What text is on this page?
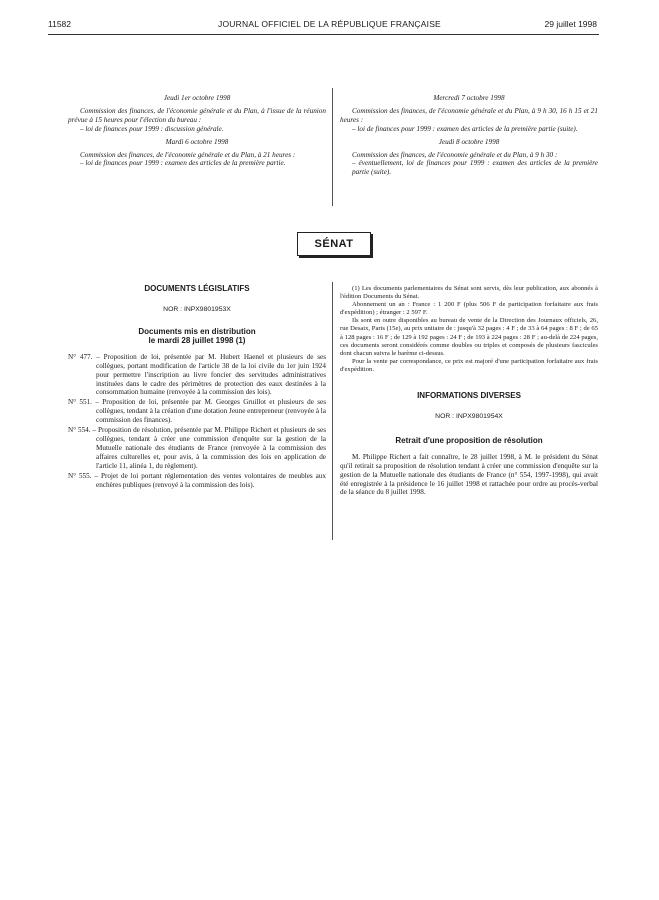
11582	JOURNAL OFFICIEL DE LA RÉPUBLIQUE FRANÇAISE	29 juillet 1998

Jeudi 1er octobre 1998

Commission des finances, de l'économie générale et du Plan, à l'issue de la réunion prévue à 15 heures pour l'élection du bureau :

– loi de finances pour 1999 : discussion générale.

Mardi 6 octobre 1998

Commission des finances, de l'économie générale et du Plan, à 21 heures :

– loi de finances pour 1999 : examen des articles de la première partie.

Mercredi 7 octobre 1998

Commission des finances, de l'économie générale et du Plan, à 9 h 30, 16 h 15 et 21 heures :

– loi de finances pour 1999 : examen des articles de la première partie (suite).

Jeudi 8 octobre 1998

Commission des finances, de l'économie générale et du Plan, à 9 h 30 :

– éventuellement, loi de finances pour 1999 : examen des articles de la première partie (suite).

SÉNAT

DOCUMENTS LÉGISLATIFS

NOR : INPX9801953X

Documents mis en distribution

le mardi 28 juillet 1998 (1)

N° 477. – Proposition de loi, présentée par M. Hubert Haenel et plusieurs de ses collègues, portant modification de l'article 38 de la loi civile du 1er juin 1924 pour permettre l'inscription au livre foncier des servitudes administratives instituées dans le cadre des périmètres de protection des eaux destinées à la consommation humaine (renvoyée à la commission des lois).

N° 551. – Proposition de loi, présentée par M. Georges Gruillot et plusieurs de ses collègues, tendant à la création d'une dotation Jeune entrepreneur (renvoyée à la commission des finances).

N° 554. – Proposition de résolution, présentée par M. Philippe Richert et plusieurs de ses collègues, tendant à créer une commission d'enquête sur la gestion de la Mutuelle nationale des étudiants de France (renvoyée à la commission des affaires culturelles et, pour avis, à la commission des lois en application de l'article 11, alinéa 1, du règlement).

N° 555. – Projet de loi portant réglementation des ventes volontaires de meubles aux enchères publiques (renvoyé à la commission des lois).

(1) Les documents parlementaires du Sénat sont servis, dès leur publication, aux abonnés à l'édition Documents du Sénat.

Abonnement un an : France : 1 200 F (plus 506 F de participation forfaitaire aux frais d'expédition) ; étranger : 2 597 F.

Ils sont en outre disponibles au bureau de vente de la Direction des Journaux officiels, 26, rue Desaix, Paris (15e), au prix unitaire de : jusqu'à 32 pages : 4 F ; de 33 à 64 pages : 8 F ; de 65 à 128 pages : 16 F ; de 129 à 192 pages : 24 F ; de 193 à 224 pages : 28 F ; au-delà de 224 pages, ces documents seront considérés comme doubles ou triples et composés de plusieurs fascicules dont chacun suivra le barème ci-dessus.

Pour la vente par correspondance, ce prix est majoré d'une participation forfaitaire aux frais d'expédition.

INFORMATIONS DIVERSES

NOR : INPX9801954X

Retrait d'une proposition de résolution

M. Philippe Richert a fait connaître, le 28 juillet 1998, à M. le président du Sénat qu'il retirait sa proposition de résolution tendant à créer une commission d'enquête sur la gestion de la Mutuelle nationale des étudiants de France (n° 554, 1997-1998), qui avait été enregistrée à la présidence le 16 juillet 1998 et rattachée pour ordre au procès-verbal de la séance du 8 juillet 1998.
